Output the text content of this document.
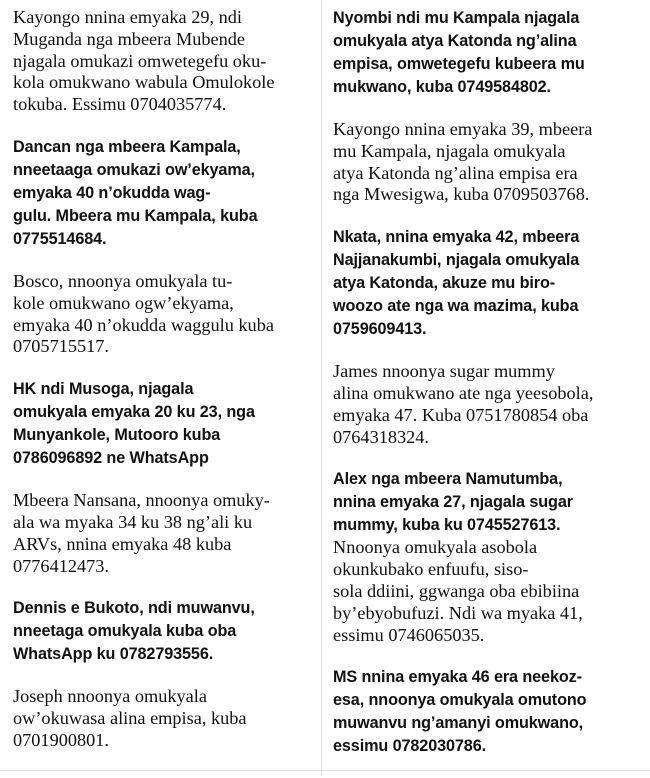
Kayongo nnina emyaka 29, ndi
Muganda nga mbeera Mubende
njagala omukazi omwetegefu oku-
kola omukwano wabula Omulokole
tokuba. Essimu 0704035774.

Dancan nga mbeera Kampala,
nneetaaga omukazi ow’ekyama,
emyaka 40 n’okudda wag-
gulu. Mbeera mu Kampala, kuba
0775514684.

Bosco, nnoonya omukyala tu-
kole omukwano ogw’ekyama,
emyaka 40 n’okudda waggulu kuba
0705715517.

HK ndi Musoga, njagala
omukyala emyaka 20 ku 23, nga
Munyankole, Mutooro kuba
0786096892 ne WhatsApp

Mbeera Nansana, nnoonya omuky-
ala wa myaka 34 ku 38 ng’ali ku
ARVs, nnina emyaka 48 kuba
0776412473.

Dennis e Bukoto, ndi muwanvu,
nneetaga omukyala kuba oba
WhatsApp ku 0782793556.

Joseph nnoonya omukyala
ow’okuwasa alina empisa, kuba
0701900801.

Nyombi ndi mu Kampala njagala
omukyala atya Katonda ng’alina
empisa, omwetegefu kubeera mu
mukwano, kuba 0749584802.

Kayongo nnina emyaka 39, mbeera
mu Kampala, njagala omukyala
atya Katonda ng’alina empisa era
nga Mwesigwa, kuba 0709503768.

Nkata, nnina emyaka 42, mbeera
Najjanakumbi, njagala omukyala
atya Katonda, akuze mu biro-
woozo ate nga wa mazima, kuba
0759609413.

James nnoonya sugar mummy
alina omukwano ate nga yeesobola,
emyaka 47. Kuba 0751780854 oba
0764318324.

Alex nga mbeera Namutumba,
nnina emyaka 27, njagala sugar
mummy, kuba ku 0745527613.

Nnoonya omukyala asobola
okunkubako enfuufu, siso-
sola ddiini, ggwanga oba ebibiina
by’ebyobufuzi. Ndi wa myaka 41,
essimu 0746065035.

MS nnina emyaka 46 era neekoz-
esa, nnoonya omukyala omutono
muwanvu ng’amanyi omukwano,
essimu 0782030786.
